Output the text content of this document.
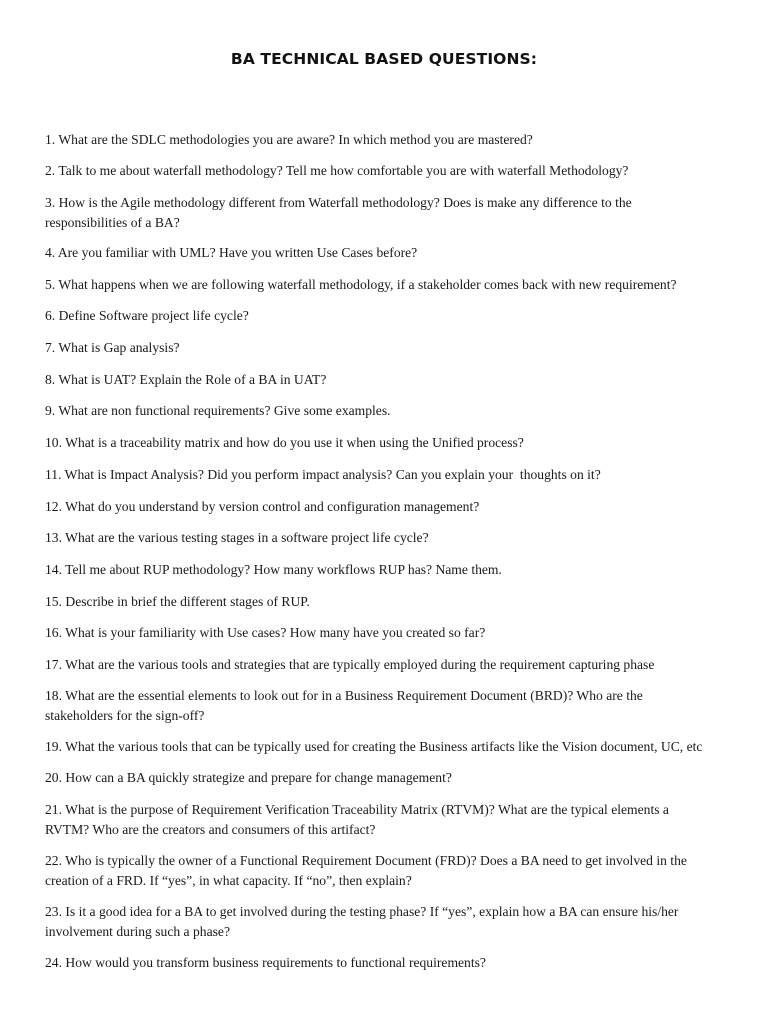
BA TECHNICAL BASED QUESTIONS:
1. What are the SDLC methodologies you are aware? In which method you are mastered?
2. Talk to me about waterfall methodology? Tell me how comfortable you are with waterfall Methodology?
3. How is the Agile methodology different from Waterfall methodology? Does is make any difference to the
responsibilities of a BA?
4. Are you familiar with UML? Have you written Use Cases before?
5. What happens when we are following waterfall methodology, if a stakeholder comes back with new requirement?
6. Define Software project life cycle?
7. What is Gap analysis?
8. What is UAT? Explain the Role of a BA in UAT?
9. What are non functional requirements? Give some examples.
10. What is a traceability matrix and how do you use it when using the Unified process?
11. What is Impact Analysis? Did you perform impact analysis? Can you explain your  thoughts on it?
12. What do you understand by version control and configuration management?
13. What are the various testing stages in a software project life cycle?
14. Tell me about RUP methodology? How many workflows RUP has? Name them.
15. Describe in brief the different stages of RUP.
16. What is your familiarity with Use cases? How many have you created so far?
17. What are the various tools and strategies that are typically employed during the requirement capturing phase
18. What are the essential elements to look out for in a Business Requirement Document (BRD)? Who are the
stakeholders for the sign-off?
19. What the various tools that can be typically used for creating the Business artifacts like the Vision document, UC, etc
20. How can a BA quickly strategize and prepare for change management?
21. What is the purpose of Requirement Verification Traceability Matrix (RTVM)? What are the typical elements a
RVTM? Who are the creators and consumers of this artifact?
22. Who is typically the owner of a Functional Requirement Document (FRD)? Does a BA need to get involved in the
creation of a FRD. If “yes”, in what capacity. If “no”, then explain?
23. Is it a good idea for a BA to get involved during the testing phase? If “yes”, explain how a BA can ensure his/her
involvement during such a phase?
24. How would you transform business requirements to functional requirements?
